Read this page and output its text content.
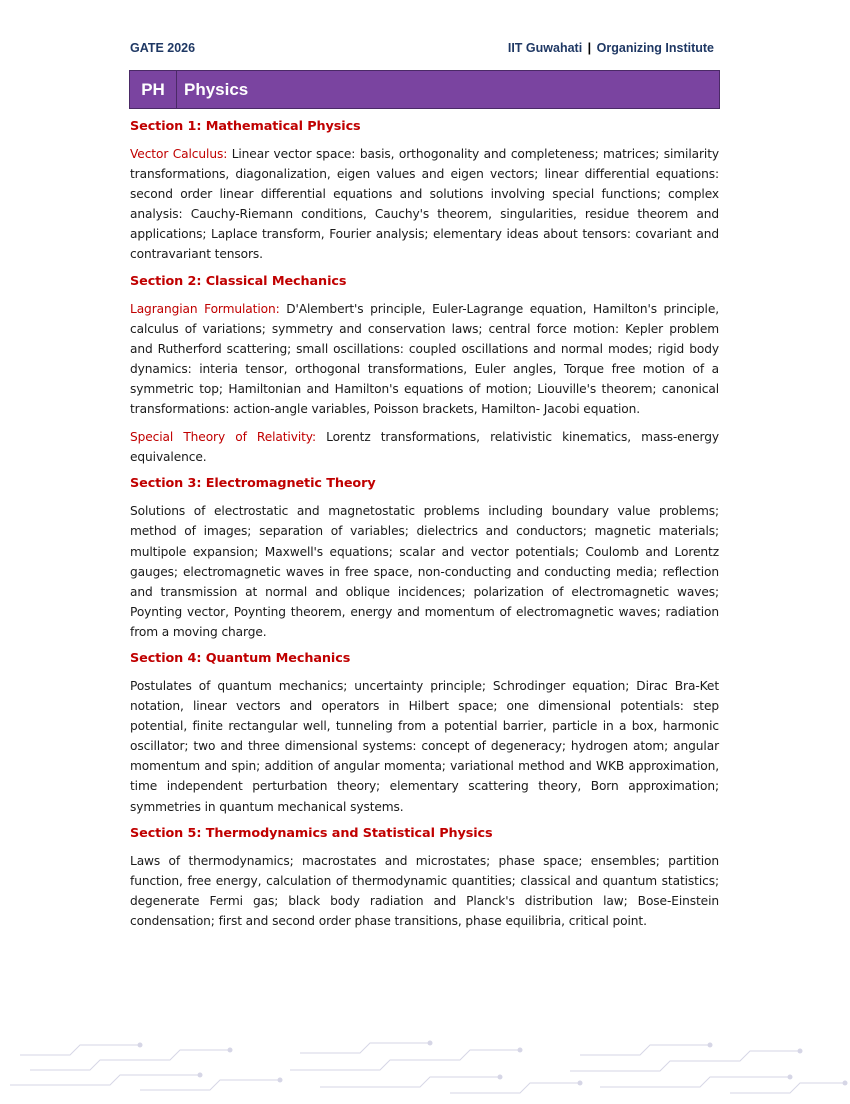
GATE 2026	IIT Guwahati | Organizing Institute
PH	Physics
Section 1: Mathematical Physics

Vector Calculus: Linear vector space: basis, orthogonality and completeness; matrices; similarity transformations, diagonalization, eigen values and eigen vectors; linear differential equations: second order linear differential equations and solutions involving special functions; complex analysis: Cauchy-Riemann conditions, Cauchy's theorem, singularities, residue theorem and applications; Laplace transform, Fourier analysis; elementary ideas about tensors: covariant and contravariant tensors.

Section 2: Classical Mechanics

Lagrangian Formulation: D'Alembert's principle, Euler-Lagrange equation, Hamilton's principle, calculus of variations; symmetry and conservation laws; central force motion: Kepler problem and Rutherford scattering; small oscillations: coupled oscillations and normal modes; rigid body dynamics: interia tensor, orthogonal transformations, Euler angles, Torque free motion of a symmetric top; Hamiltonian and Hamilton's equations of motion; Liouville's theorem; canonical transformations: action-angle variables, Poisson brackets, Hamilton- Jacobi equation.

Special Theory of Relativity: Lorentz transformations, relativistic kinematics, mass-energy equivalence.

Section 3: Electromagnetic Theory

Solutions of electrostatic and magnetostatic problems including boundary value problems; method of images; separation of variables; dielectrics and conductors; magnetic materials; multipole expansion; Maxwell's equations; scalar and vector potentials; Coulomb and Lorentz gauges; electromagnetic waves in free space, non-conducting and conducting media; reflection and transmission at normal and oblique incidences; polarization of electromagnetic waves; Poynting vector, Poynting theorem, energy and momentum of electromagnetic waves; radiation from a moving charge.

Section 4: Quantum Mechanics

Postulates of quantum mechanics; uncertainty principle; Schrodinger equation; Dirac Bra-Ket notation, linear vectors and operators in Hilbert space; one dimensional potentials: step potential, finite rectangular well, tunneling from a potential barrier, particle in a box, harmonic oscillator; two and three dimensional systems: concept of degeneracy; hydrogen atom; angular momentum and spin; addition of angular momenta; variational method and WKB approximation, time independent perturbation theory; elementary scattering theory, Born approximation; symmetries in quantum mechanical systems.

Section 5: Thermodynamics and Statistical Physics

Laws of thermodynamics; macrostates and microstates; phase space; ensembles; partition function, free energy, calculation of thermodynamic quantities; classical and quantum statistics; degenerate Fermi gas; black body radiation and Planck's distribution law; Bose-Einstein condensation; first and second order phase transitions, phase equilibria, critical point.
